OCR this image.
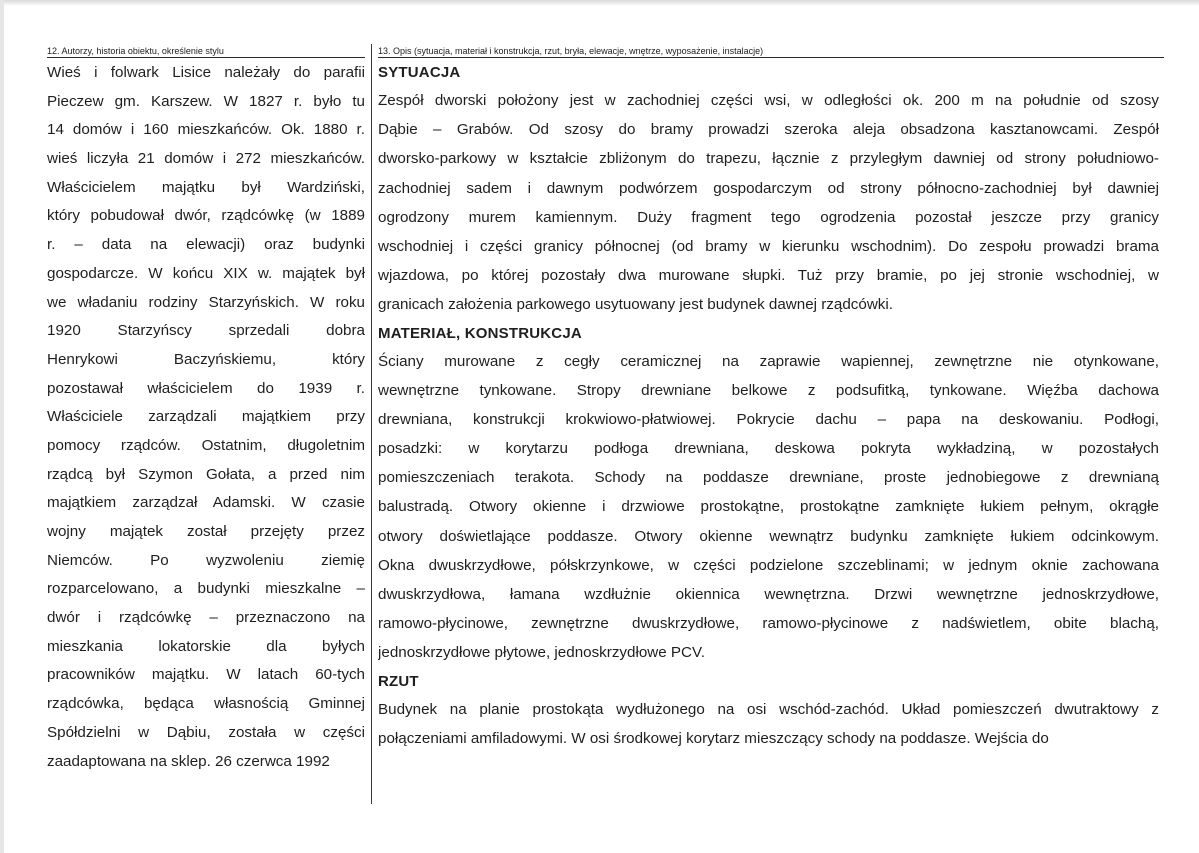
12. Autorzy, historia obiektu, określenie stylu	13. Opis (sytuacja, materiał i konstrukcja, rzut, bryła, elewacje, wnętrze, wyposażenie, instalacje)
Wieś i folwark Lisice należały do parafii
Pieczew gm. Karszew. W 1827 r. było tu
14 domów i 160 mieszkańców. Ok. 1880 r.
wieś liczyła 21 domów i 272 mieszkańców.
Właścicielem majątku był Wardziński,
który pobudował dwór, rządcówkę (w 1889
r. – data na elewacji) oraz budynki
gospodarcze. W końcu XIX w. majątek był
we władaniu rodziny Starzyńskich. W roku
1920 Starzyńscy sprzedali dobra
Henrykowi Baczyńskiemu, który
pozostawał właścicielem do 1939 r.
Właściciele zarządzali majątkiem przy
pomocy rządców. Ostatnim, długoletnim
rządcą był Szymon Gołata, a przed nim
majątkiem zarządzał Adamski. W czasie
wojny majątek został przejęty przez
Niemców. Po wyzwoleniu ziemię
rozparcelowano, a budynki mieszkalne –
dwór i rządcówkę – przeznaczono na
mieszkania lokatorskie dla byłych
pracowników majątku. W latach 60-tych
rządcówka, będąca własnością Gminnej
Spółdzielni w Dąbiu, została w części
zaadaptowana na sklep. 26 czerwca 1992
SYTUACJA
Zespół dworski położony jest w zachodniej części wsi, w odległości ok. 200 m na południe od szosy
Dąbie – Grabów. Od szosy do bramy prowadzi szeroka aleja obsadzona kasztanowcami. Zespół
dworsko-parkowy w kształcie zbliżonym do trapezu, łącznie z przyległym dawniej od strony południowo-
zachodniej sadem i dawnym podwórzem gospodarczym od strony północno-zachodniej był dawniej
ogrodzony murem kamiennym. Duży fragment tego ogrodzenia pozostał jeszcze przy granicy
wschodniej i części granicy północnej (od bramy w kierunku wschodnim). Do zespołu prowadzi brama
wjazdowa, po której pozostały dwa murowane słupki. Tuż przy bramie, po jej stronie wschodniej, w
granicach założenia parkowego usytuowany jest budynek dawnej rządcówki.
MATERIAŁ, KONSTRUKCJA
Ściany murowane z cegły ceramicznej na zaprawie wapiennej, zewnętrzne nie otynkowane,
wewnętrzne tynkowane. Stropy drewniane belkowe z podsufitką, tynkowane. Więźba dachowa
drewniana, konstrukcji krokwiowo-płatwiowej. Pokrycie dachu – papa na deskowaniu. Podłogi,
posadzki: w korytarzu podłoga drewniana, deskowa pokryta wykładziną, w pozostałych
pomieszczeniach terakota. Schody na poddasze drewniane, proste jednobiegowe z drewnianą
balustradą. Otwory okienne i drzwiowe prostokątne, prostokątne zamknięte łukiem pełnym, okrągłe
otwory doświetlające poddasze. Otwory okienne wewnątrz budynku zamknięte łukiem odcinkowym.
Okna dwuskrzydłowe, półskrzynkowe, w części podzielone szczeblinami; w jednym oknie zachowana
dwuskrzydłowa, łamana wzdłużnie okiennica wewnętrzna. Drzwi wewnętrzne jednoskrzydłowe,
ramowo-płycinowe, zewnętrzne dwuskrzydłowe, ramowo-płycinowe z nadświetlem, obite blachą,
jednoskrzydłowe płytowe, jednoskrzydłowe PCV.
RZUT
Budynek na planie prostokąta wydłużonego na osi wschód-zachód. Układ pomieszczeń dwutraktowy z
połączeniami amfiladowymi. W osi środkowej korytarz mieszczący schody na poddasze. Wejścia do
